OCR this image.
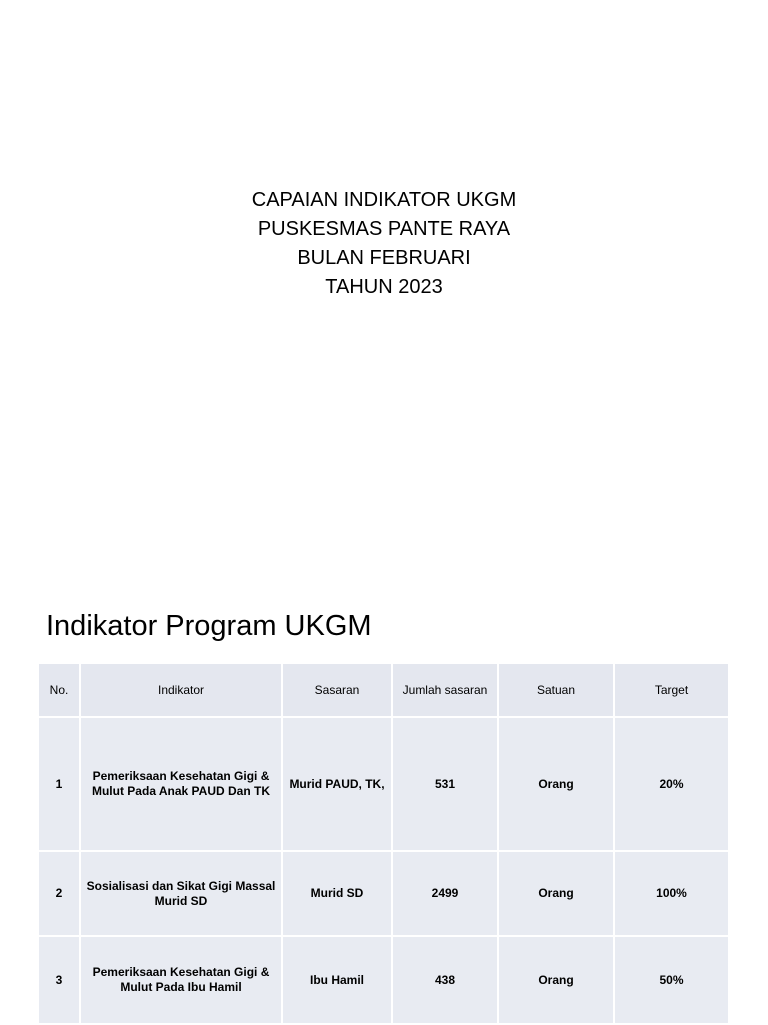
CAPAIAN INDIKATOR UKGM
PUSKESMAS PANTE RAYA
BULAN FEBRUARI
TAHUN 2023
Indikator Program UKGM
No.	Indikator	Sasaran	Jumlah sasaran	Satuan	Target
1	Pemeriksaan Kesehatan Gigi & Mulut Pada Anak PAUD Dan TK	Murid PAUD, TK,	531	Orang	20%
2	Sosialisasi dan Sikat Gigi Massal Murid SD	Murid SD	2499	Orang	100%
3	Pemeriksaan Kesehatan Gigi & Mulut Pada Ibu Hamil	Ibu Hamil	438	Orang	50%
